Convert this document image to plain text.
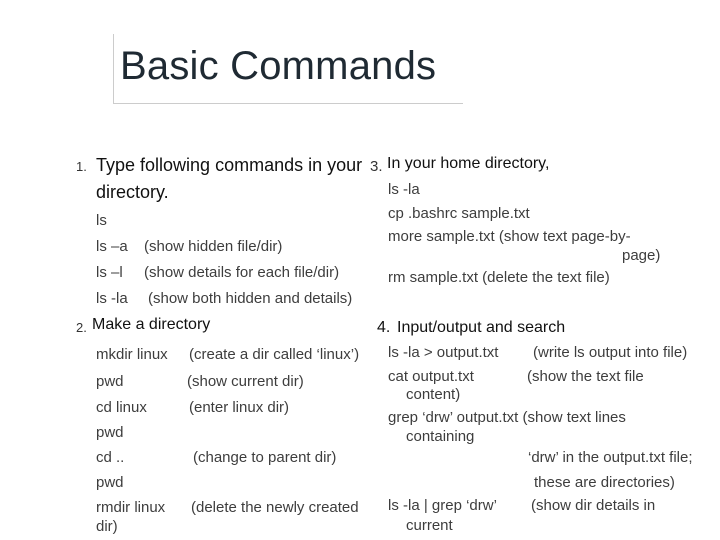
Basic Commands
1. Type following commands in your
directory.
ls
ls –a (show hidden file/dir)
ls –l (show details for each file/dir)
ls -la (show both hidden and details)
2. Make a directory
mkdir linux (create a dir called ‘linux’)
pwd	(show current dir)
cd linux	(enter linux dir)
pwd
cd ..	(change to parent dir)
pwd
rmdir linux
dir)
(delete the newly created
3. In your home directory,
ls -la
cp .bashrc sample.txt
more sample.txt (show text page-by-
page)
rm sample.txt (delete the text file)
4. Input/output and search
ls -la > output.txt (write ls output into file)
cat output.txt	(show the text file
content)
grep ‘drw’ output.txt (show text lines
containing
‘drw’ in the output.txt file;
these are directories)
ls -la | grep ‘drw’ (show dir details in
current
